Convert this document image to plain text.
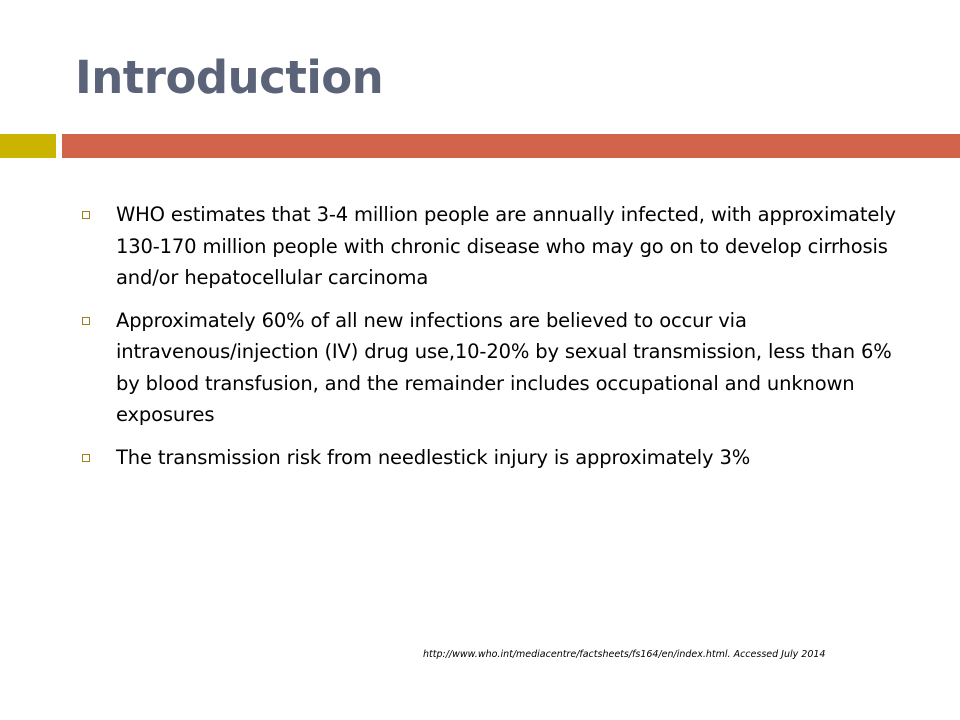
Introduction
WHO estimates that 3-4 million people are annually infected, with approximately 130-170 million people with chronic disease who may go on to develop cirrhosis and/or hepatocellular carcinoma
Approximately 60% of all new infections are believed to occur via intravenous/injection (IV) drug use,10-20% by sexual transmission, less than 6% by blood transfusion, and the remainder includes occupational and unknown exposures
The transmission risk from needlestick injury is approximately 3%
http://www.who.int/mediacentre/factsheets/fs164/en/index.html. Accessed July 2014
